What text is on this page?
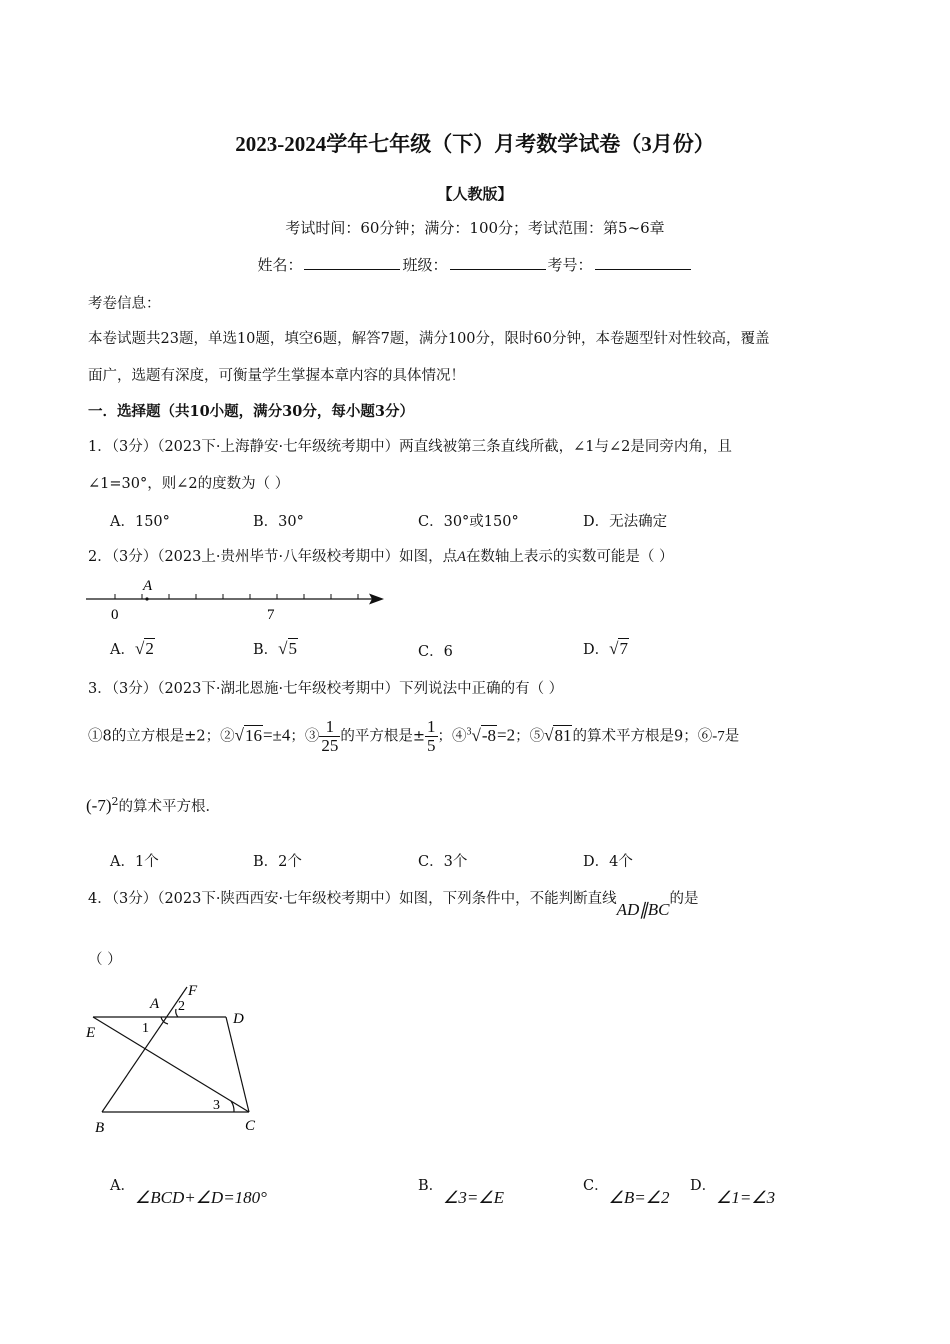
2023-2024学年七年级（下）月考数学试卷（3月份）
【人教版】
考试时间：60分钟；满分：100分；考试范围：第5~6章
姓名：	班级：	考号：
考卷信息：
本卷试题共23题，单选10题，填空6题，解答7题，满分100分，限时60分钟，本卷题型针对性较高，覆盖
面广，选题有深度，可衡量学生掌握本章内容的具体情况！
一．选择题（共10小题，满分30分，每小题3分）
1．（3分）（2023下·上海静安·七年级统考期中）两直线被第三条直线所截，∠1与∠2是同旁内角，且
∠1=30°，则∠2的度数为（ ）
A．150°	B．30°	C．30°或150°	D．无法确定
2．（3分）（2023上·贵州毕节·八年级校考期中）如图，点A在数轴上表示的实数可能是（ ）
A
0	7
A．√2	B．√5	C．6	D．√7
3．（3分）（2023下·湖北恩施·七年级校考期中）下列说法中正确的有（ ）
①8的立方根是±2；②√16=±4；③ $\frac{1}{25}$ 的平方根是± $\frac{1}{5}$ ；④$^3$√-8=2；⑤√81的算术平方根是9；⑥-7是
$(-7)^2$的算术平方根．
A．1个	B．2个	C．3个	D．4个
4．（3分）（2023下·陕西西安·七年级校考期中）如图，下列条件中，不能判断直线AD∥BC的是
（ ）
F
A
D
E
B	C
2
1
3
A．∠BCD+∠D=180°
B．∠3=∠E
C．∠B=∠2
D．∠1=∠3
